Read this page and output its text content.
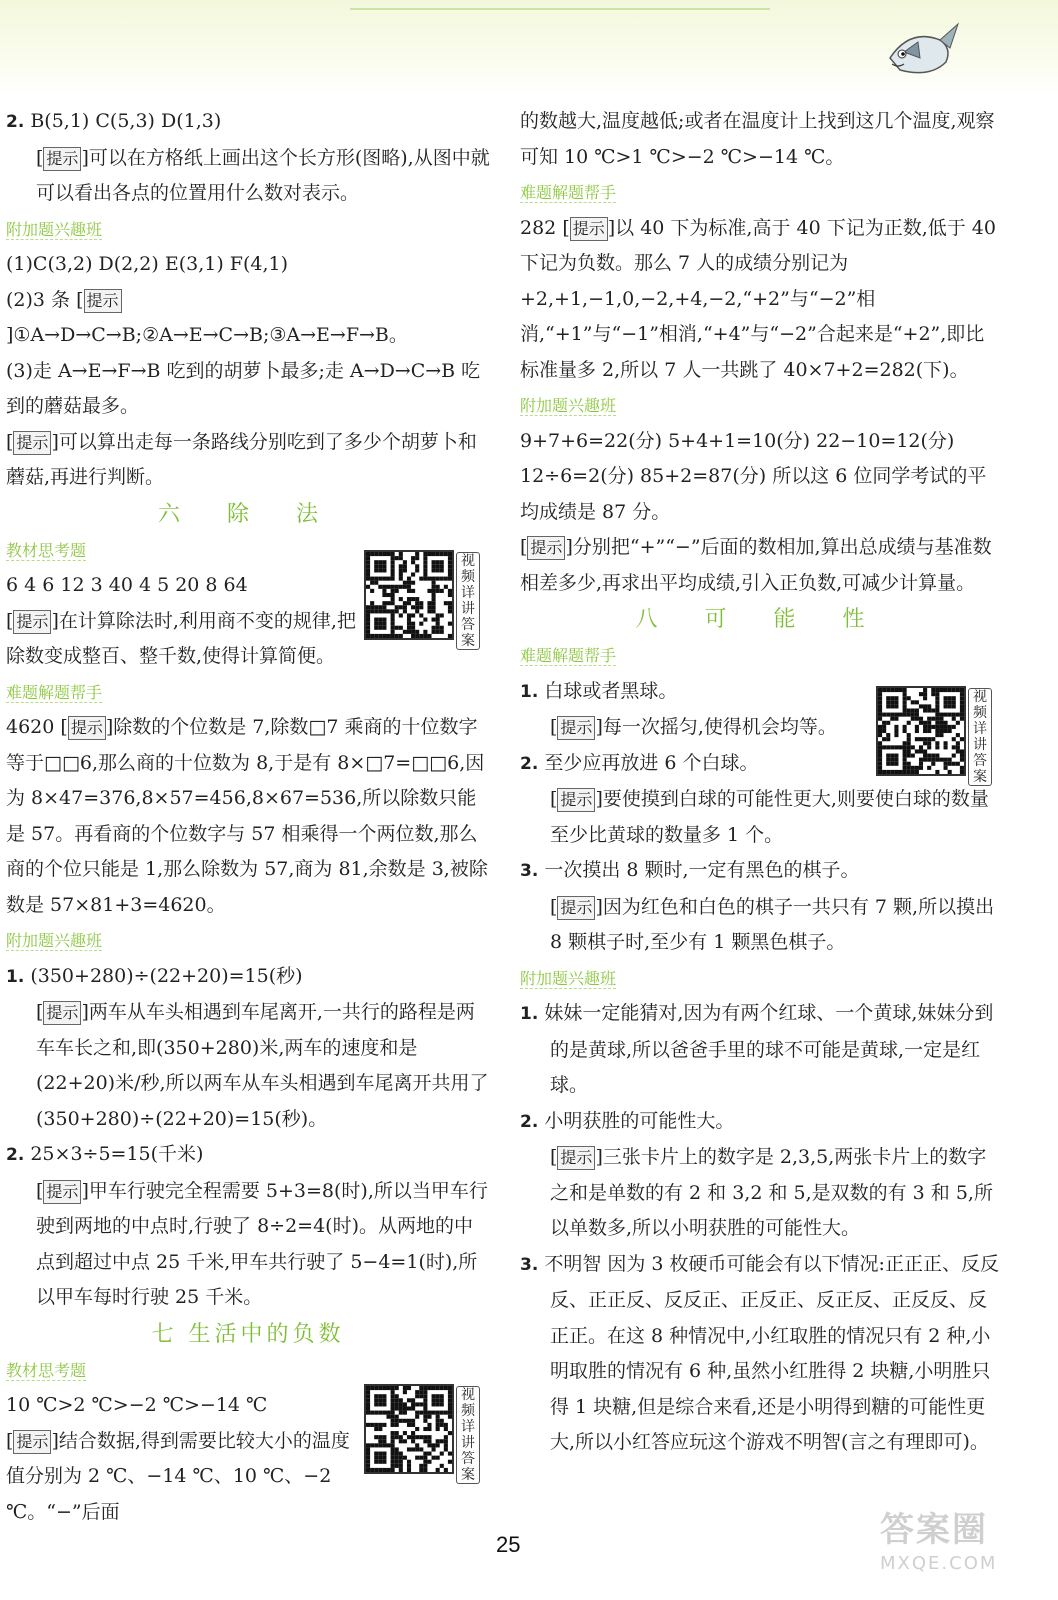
2. B(5,1) C(5,3) D(1,3)

[ 提示 ]可以在方格纸上画出这个长方形(图略),从图中就可以看出各点的位置用什么数对表示。

附加题兴趣班

(1)C(3,2) D(2,2) E(3,1) F(4,1)

(2)3 条 [ 提示]①A→D→C→B;②A→E→C→B;③A→E→F→B。

(3)走 A→E→F→B 吃到的胡萝卜最多;走 A→D→C→B 吃到的蘑菇最多。

[ 提示 ]可以算出走每一条路线分别吃到了多少个胡萝卜和蘑菇,再进行判断。

六 除 法

教材思考题

6 4 6 12 3 40 4 5 20 8 64

[ 提示 ]在计算除法时,利用商不变的规律,把除数变成整百、整千数,使得计算简便。

难题解题帮手

4620 [ 提示 ]除数的个位数是 7,除数□7 乘商的十位数字等于□□6,那么商的十位数为 8,于是有 8×□7=□□6,因为 8×47=376,8×57=456,8×67=536,所以除数只能是 57。再看商的个位数字与 57 相乘得一个两位数,那么商的个位只能是 1,那么除数为 57,商为 81,余数是 3,被除数是 57×81+3=4620。

附加题兴趣班

1. (350+280)÷(22+20)=15(秒)

[ 提示 ]两车从车头相遇到车尾离开,一共行的路程是两车车长之和,即(350+280)米,两车的速度和是(22+20)米/秒,所以两车从车头相遇到车尾离开共用了(350+280)÷(22+20)=15(秒)。

2. 25×3÷5=15(千米)

[ 提示 ]甲车行驶完全程需要 5+3=8(时),所以当甲车行驶到两地的中点时,行驶了 8÷2=4(时)。从两地的中点到超过中点 25 千米,甲车共行驶了 5−4=1(时),所以甲车每时行驶 25 千米。

七 生活中的负数

教材思考题

10 ℃>2 ℃>−2 ℃>−14 ℃

[ 提示 ]结合数据,得到需要比较大小的温度值分别为 2 ℃、−14 ℃、10 ℃、−2 ℃。“−”后面

的数越大,温度越低;或者在温度计上找到这几个温度,观察可知 10 ℃>1 ℃>−2 ℃>−14 ℃。

难题解题帮手

282 [ 提示 ]以 40 下为标准,高于 40 下记为正数,低于 40 下记为负数。那么 7 人的成绩分别记为+2,+1,−1,0,−2,+4,−2,“+2”与“−2”相消,“+1”与“−1”相消,“+4”与“−2”合起来是“+2”,即比标准量多 2,所以 7 人一共跳了 40×7+2=282(下)。

附加题兴趣班

9+7+6=22(分) 5+4+1=10(分) 22−10=12(分)

12÷6=2(分) 85+2=87(分) 所以这 6 位同学考试的平均成绩是 87 分。

[ 提示 ]分别把“+”“−”后面的数相加,算出总成绩与基准数相差多少,再求出平均成绩,引入正负数,可减少计算量。

八 可 能 性

难题解题帮手

1. 白球或者黑球。

[ 提示 ]每一次摇匀,使得机会均等。

2. 至少应再放进 6 个白球。

[ 提示 ]要使摸到白球的可能性更大,则要使白球的数量至少比黄球的数量多 1 个。

3. 一次摸出 8 颗时,一定有黑色的棋子。

[ 提示 ]因为红色和白色的棋子一共只有 7 颗,所以摸出 8 颗棋子时,至少有 1 颗黑色棋子。

附加题兴趣班

1. 妹妹一定能猜对,因为有两个红球、一个黄球,妹妹分到的是黄球,所以爸爸手里的球不可能是黄球,一定是红球。

2. 小明获胜的可能性大。

[ 提示 ]三张卡片上的数字是 2,3,5,两张卡片上的数字之和是单数的有 2 和 3,2 和 5,是双数的有 3 和 5,所以单数多,所以小明获胜的可能性大。

3. 不明智 因为 3 枚硬币可能会有以下情况:正正正、反反反、正正反、反反正、正反正、反正反、正反反、反正正。在这 8 种情况中,小红取胜的情况只有 2 种,小明取胜的情况有 6 种,虽然小红胜得 2 块糖,小明胜只得 1 块糖,但是综合来看,还是小明得到糖的可能性更大,所以小红答应玩这个游戏不明智(言之有理即可)。

视频详讲答案
视频详讲答案
视频详讲答案
25	答案圈
MXQE.COM
